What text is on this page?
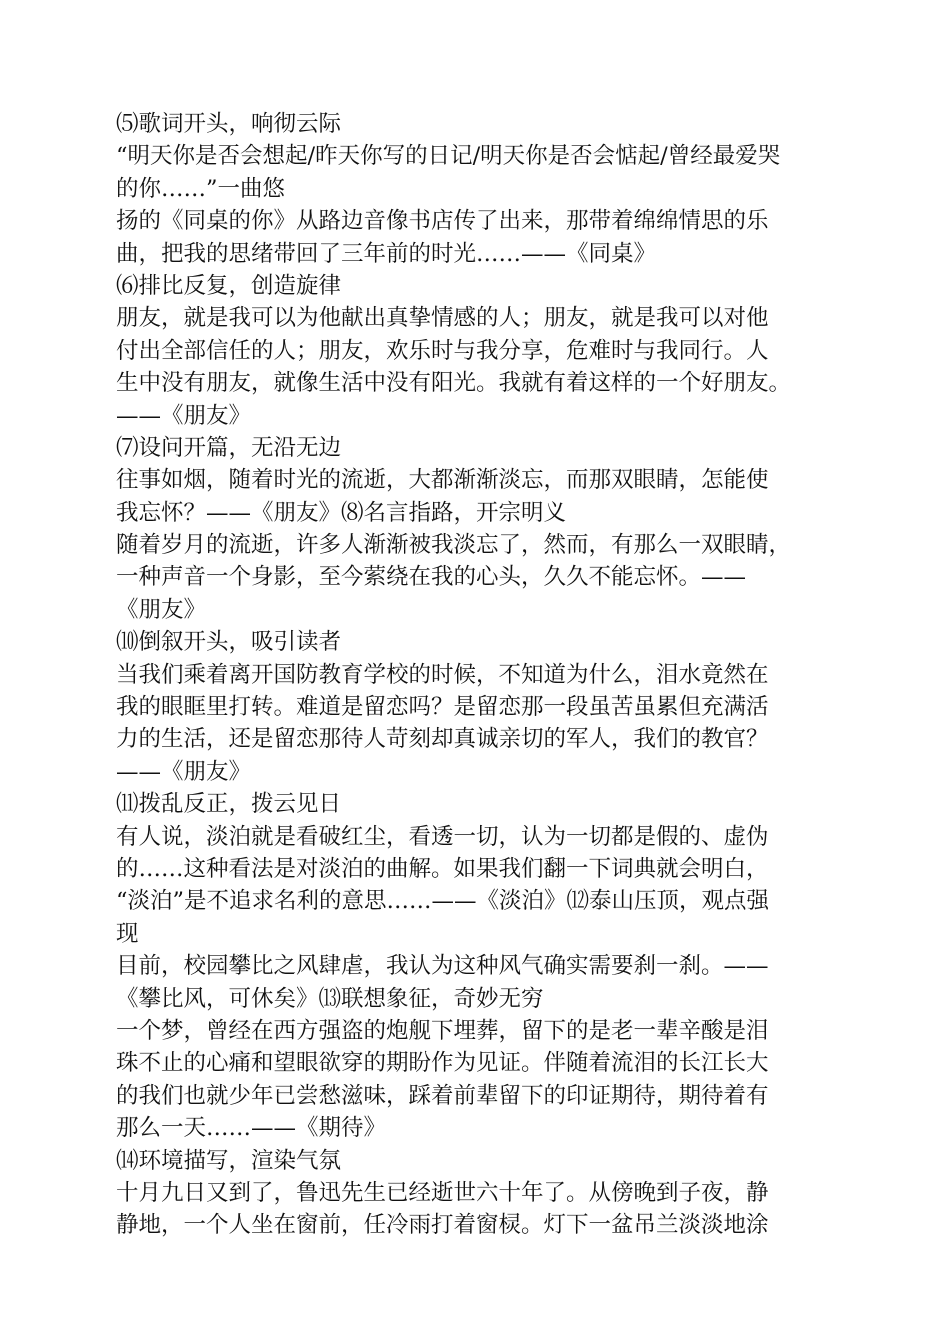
⑸歌词开头，响彻云际
“明天你是否会想起/昨天你写的日记/明天你是否会惦起/曾经最爱哭
的你……”一曲悠
扬的《同桌的你》从路边音像书店传了出来，那带着绵绵情思的乐
曲，把我的思绪带回了三年前的时光……——《同桌》
⑹排比反复，创造旋律
朋友，就是我可以为他献出真挚情感的人；朋友，就是我可以对他
付出全部信任的人；朋友，欢乐时与我分享，危难时与我同行。人
生中没有朋友，就像生活中没有阳光。我就有着这样的一个好朋友。
——《朋友》
⑺设问开篇，无沿无边
往事如烟，随着时光的流逝，大都渐渐淡忘，而那双眼睛，怎能使
我忘怀？——《朋友》⑻名言指路，开宗明义
随着岁月的流逝，许多人渐渐被我淡忘了，然而，有那么一双眼睛，
一种声音一个身影，至今萦绕在我的心头，久久不能忘怀。——
《朋友》
⑽倒叙开头，吸引读者
当我们乘着离开国防教育学校的时候，不知道为什么，泪水竟然在
我的眼眶里打转。难道是留恋吗？是留恋那一段虽苦虽累但充满活
力的生活，还是留恋那待人苛刻却真诚亲切的军人，我们的教官？
——《朋友》
⑾拨乱反正，拨云见日
有人说，淡泊就是看破红尘，看透一切，认为一切都是假的、虚伪
的……这种看法是对淡泊的曲解。如果我们翻一下词典就会明白，
“淡泊”是不追求名利的意思……——《淡泊》⑿泰山压顶，观点强
现
目前，校园攀比之风肆虐，我认为这种风气确实需要刹一刹。——
《攀比风，可休矣》⒀联想象征，奇妙无穷
一个梦，曾经在西方强盗的炮舰下埋葬，留下的是老一辈辛酸是泪
珠不止的心痛和望眼欲穿的期盼作为见证。伴随着流泪的长江长大
的我们也就少年已尝愁滋味，踩着前辈留下的印证期待，期待着有
那么一天……——《期待》
⒁环境描写，渲染气氛
十月九日又到了，鲁迅先生已经逝世六十年了。从傍晚到子夜，静
静地，一个人坐在窗前，任冷雨打着窗棂。灯下一盆吊兰淡淡地涂
